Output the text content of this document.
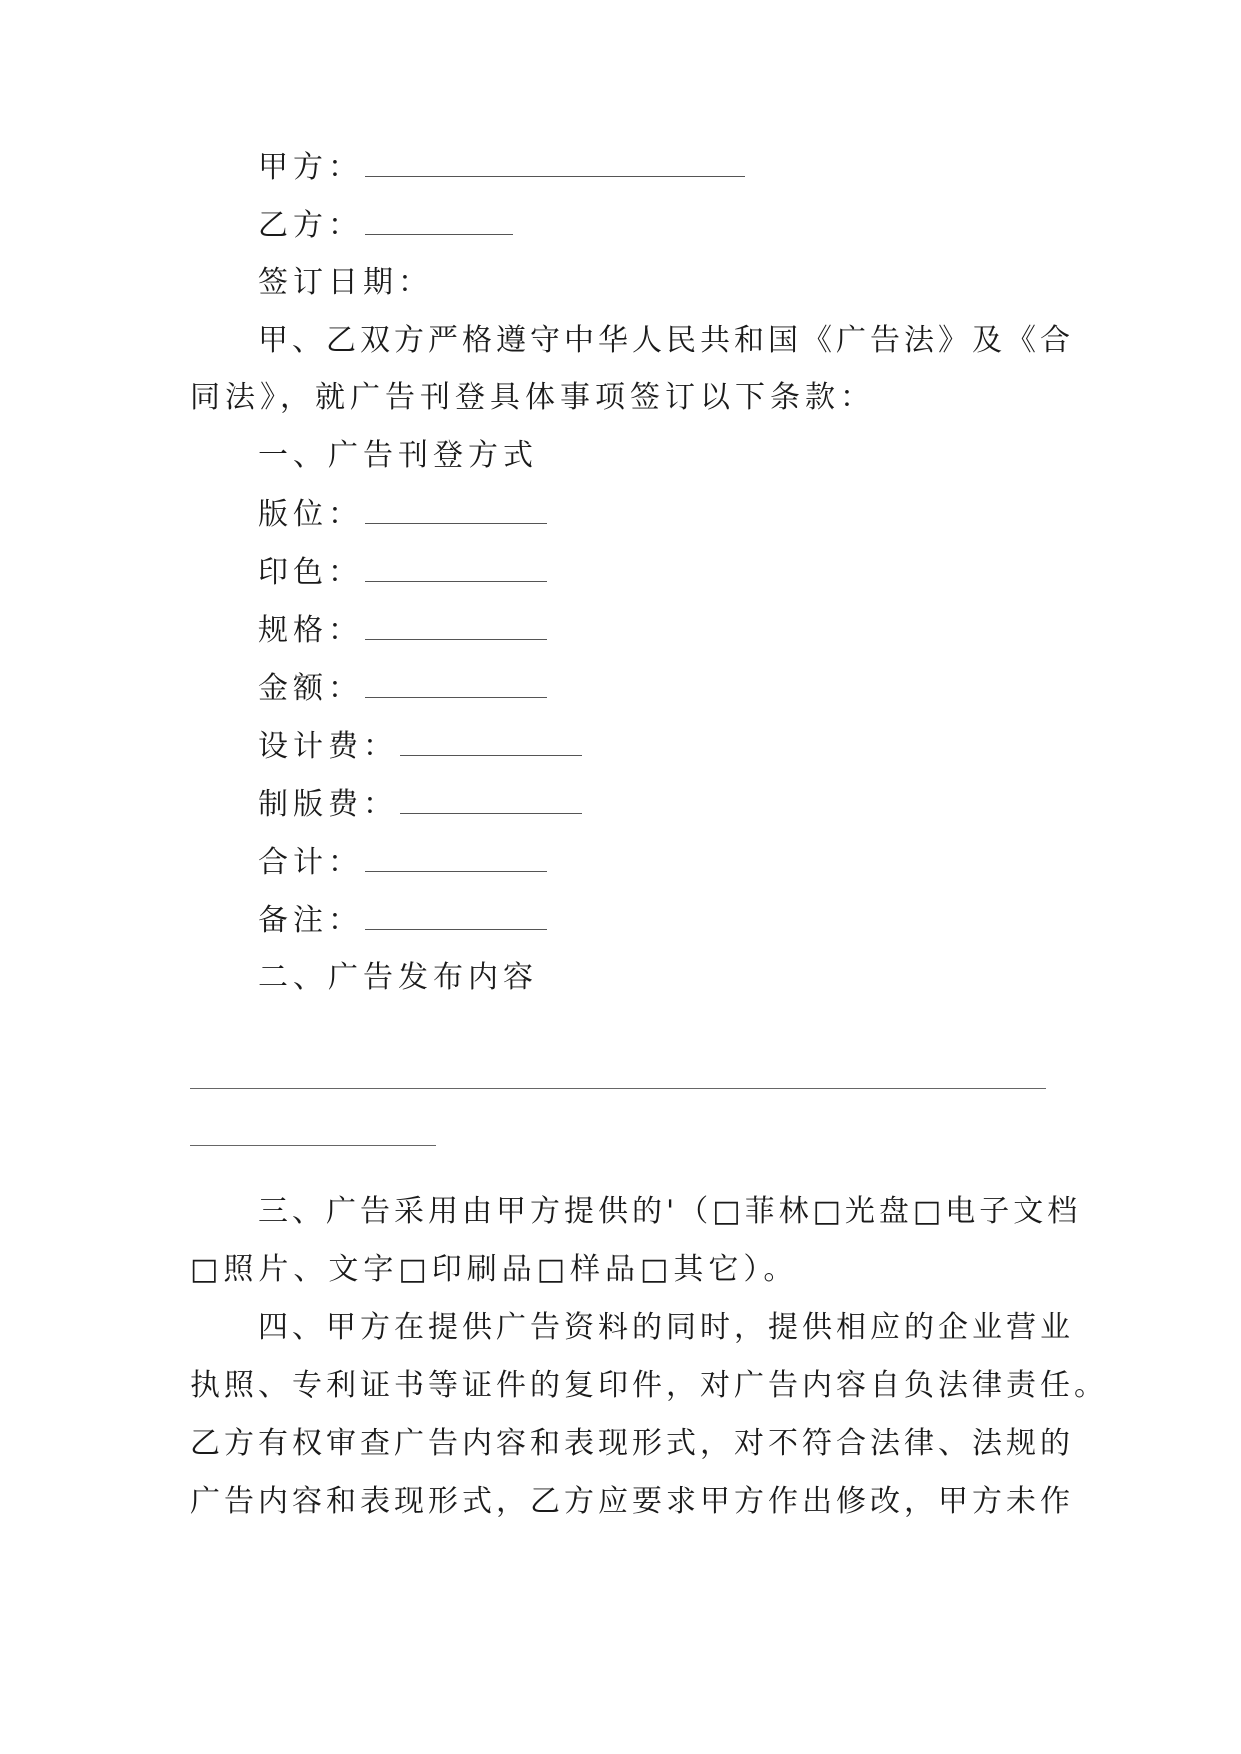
甲方：
乙方：
签订日期：
甲、乙双方严格遵守中华人民共和国《广告法》及《合
同法》，就广告刊登具体事项签订以下条款：
一、广告刊登方式
版位：
印色：
规格：
金额：
设计费：
制版费：
合计：
备注：
二、广告发布内容
三、广告采用由甲方提供的'（□菲林□光盘□电子文档
□照片、文字□印刷品□样品□其它）。
四、甲方在提供广告资料的同时，提供相应的企业营业
执照、专利证书等证件的复印件，对广告内容自负法律责任。
乙方有权审查广告内容和表现形式，对不符合法律、法规的
广告内容和表现形式，乙方应要求甲方作出修改，甲方未作
